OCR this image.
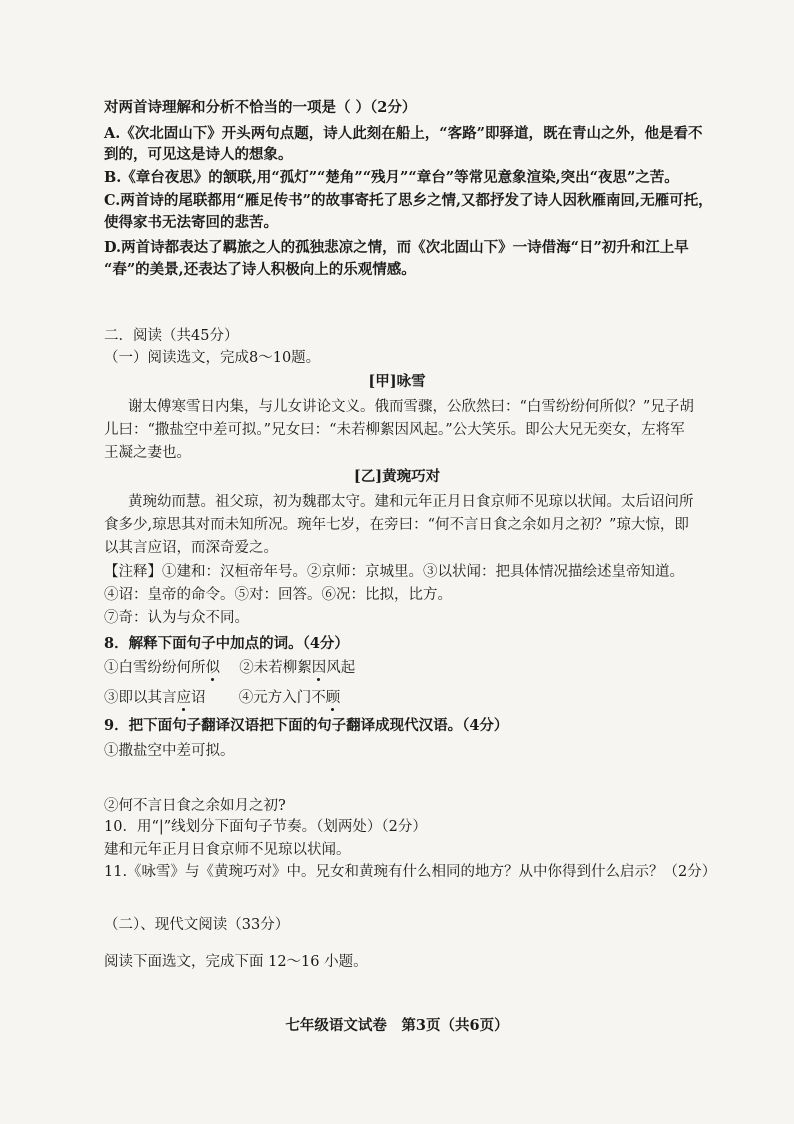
对两首诗理解和分析不恰当的一项是（ ）（2分）
A.《次北固山下》开头两句点题，诗人此刻在船上，“客路”即驿道，既在青山之外，他是看不
到的，可见这是诗人的想象。
B.《章台夜思》的颔联,用“孤灯”“楚角”“残月”“章台”等常见意象渲染,突出“夜思”之苦。
C.两首诗的尾联都用“雁足传书”的故事寄托了思乡之情,又都抒发了诗人因秋雁南回,无雁可托，
使得家书无法寄回的悲苦。
D.两首诗都表达了羁旅之人的孤独悲凉之情，而《次北固山下》一诗借海“日”初升和江上早
“春”的美景,还表达了诗人积极向上的乐观情感。
二．阅读（共45分）
（一）阅读选文，完成8～10题。
[甲]咏雪
谢太傅寒雪日内集，与儿女讲论文义。俄而雪骤，公欣然曰：“白雪纷纷何所似？”兄子胡
儿曰：“撒盐空中差可拟。”兄女曰：“未若柳絮因风起。”公大笑乐。即公大兄无奕女，左将军
王凝之妻也。
[乙]黄琬巧对
黄琬幼而慧。祖父琼，初为魏郡太守。建和元年正月日食京师不见琼以状闻。太后诏问所
食多少,琼思其对而未知所况。琬年七岁，在旁曰：“何不言日食之余如月之初？”琼大惊，即
以其言应诏，而深奇爱之。
【注释】①建和：汉桓帝年号。②京师：京城里。③以状闻：把具体情况描绘述皇帝知道。
④诏：皇帝的命令。⑤对：回答。⑥况：比拟，比方。
⑦奇：认为与众不同。
8．解释下面句子中加点的词。（4分）
①白雪纷纷何所似 ②未若柳絮因风起
③即以其言应诏 ④元方入门不顾
9．把下面句子翻译汉语把下面的句子翻译成现代汉语。（4分）
①撒盐空中差可拟。
②何不言日食之余如月之初?
10．用“|”线划分下面句子节奏。（划两处）（2分）
建和元年正月日食京师不见琼以状闻。
11.《咏雪》与《黄琬巧对》中。兄女和黄琬有什么相同的地方？从中你得到什么启示？（2分）
（二）、现代文阅读（33分）
阅读下面选文，完成下面 12～16 小题。
七年级语文试卷　第3页（共6页）
